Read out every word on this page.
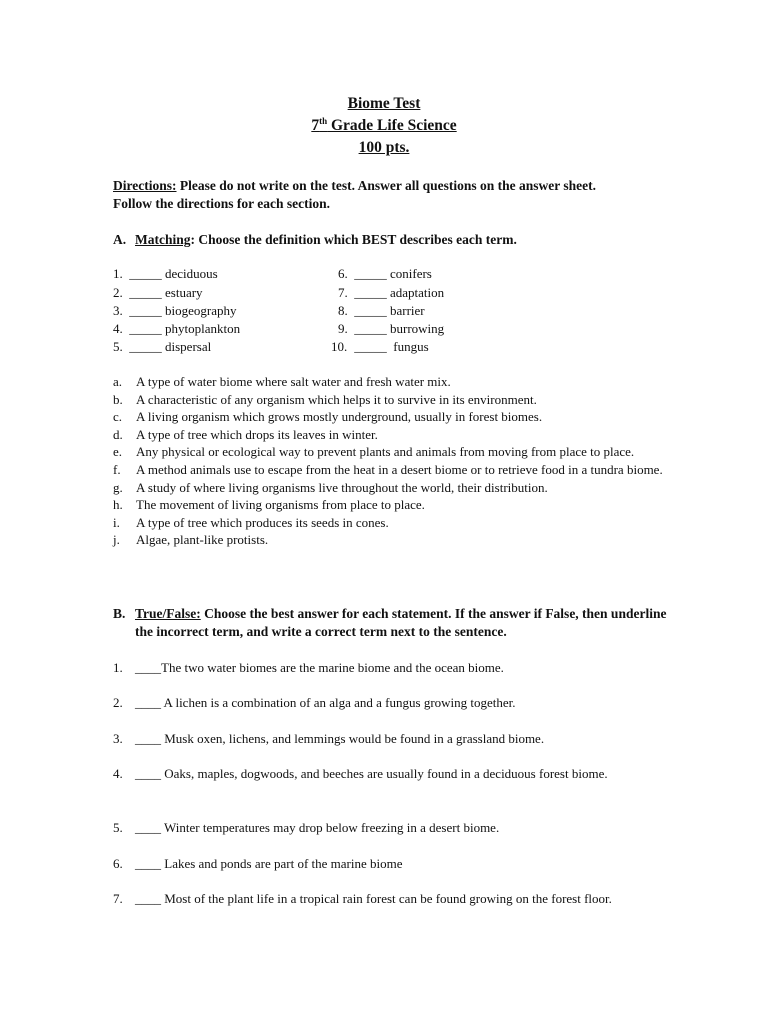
Biome Test
7th Grade Life Science
100 pts.
Directions: Please do not write on the test. Answer all questions on the answer sheet. Follow the directions for each section.
A. Matching: Choose the definition which BEST describes each term.
1. _____ deciduous
2. _____ estuary
3. _____ biogeography
4. _____ phytoplankton
5. _____ dispersal
6. _____ conifers
7. _____ adaptation
8. _____ barrier
9. _____ burrowing
10. _____  fungus
a.	A type of water biome where salt water and fresh water mix.
b.	A characteristic of any organism which helps it to survive in its environment.
c.	A living organism which grows mostly underground, usually in forest biomes.
d.	A type of tree which drops its leaves in winter.
e.	Any physical or ecological way to prevent plants and animals from moving from place to place.
f.	A method animals use to escape from the heat in a desert biome or to retrieve food in a tundra biome.
g.	A study of where living organisms live throughout the world, their distribution.
h.	The movement of living organisms from place to place.
i.	A type of tree which produces its seeds in cones.
j.	Algae, plant-like protists.
B. True/False: Choose the best answer for each statement. If the answer if False, then underline the incorrect term, and write a correct term next to the sentence.
1. ____The two water biomes are the marine biome and the ocean biome.
2. ____ A lichen is a combination of an alga and a fungus growing together.
3. ____ Musk oxen, lichens, and lemmings would be found in a grassland biome.
4. ____ Oaks, maples, dogwoods, and beeches are usually found in a deciduous forest biome.
5. ____ Winter temperatures may drop below freezing in a desert biome.
6. ____ Lakes and ponds are part of the marine biome
7. ____ Most of the plant life in a tropical rain forest can be found growing on the forest floor.
